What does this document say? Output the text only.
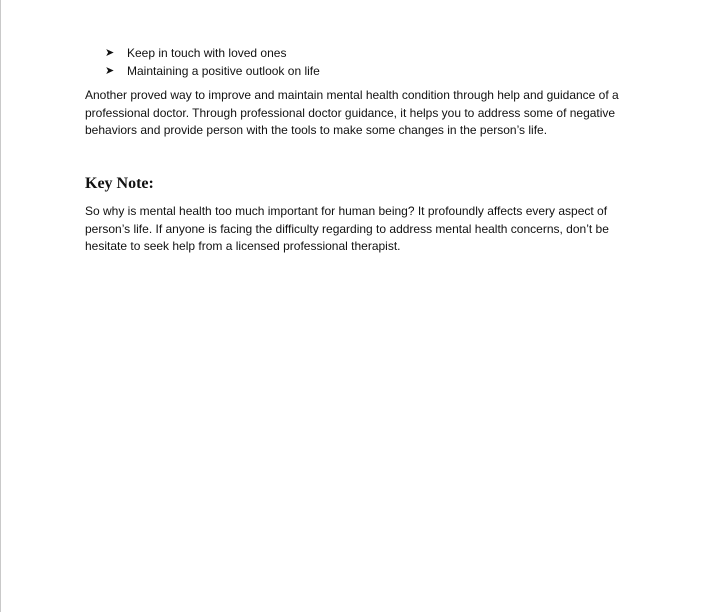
➤	Keep in touch with loved ones
➤	Maintaining a positive outlook on life

Another proved way to improve and maintain mental health condition through help and guidance of a professional doctor. Through professional doctor guidance, it helps you to address some of negative behaviors and provide person with the tools to make some changes in the person’s life.

Key Note:

So why is mental health too much important for human being? It profoundly affects every aspect of person’s life. If anyone is facing the difficulty regarding to address mental health concerns, don’t be hesitate to seek help from a licensed professional therapist.
